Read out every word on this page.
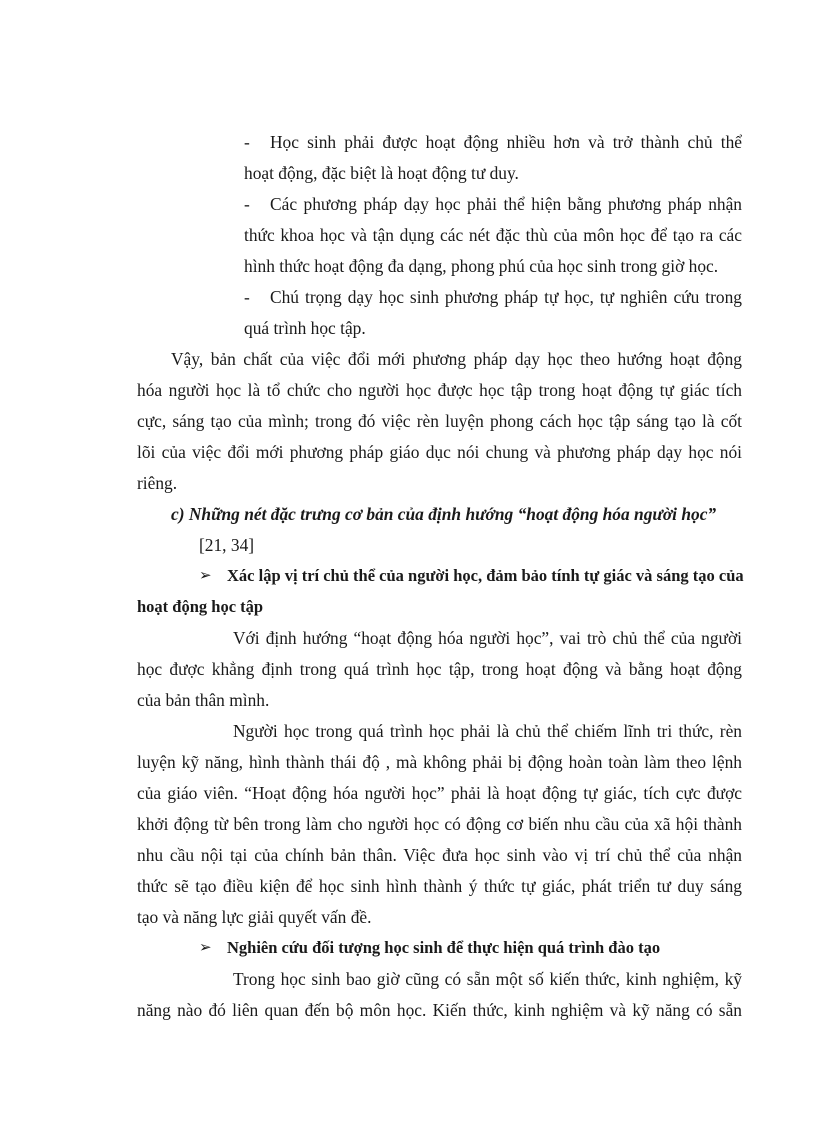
- Học sinh phải được hoạt động nhiều hơn và trở thành chủ thể
hoạt động, đặc biệt là hoạt động tư duy.
- Các phương pháp dạy học phải thể hiện bằng phương pháp nhận
thức khoa học và tận dụng các nét đặc thù của môn học để tạo ra các
hình thức hoạt động đa dạng, phong phú của học sinh trong giờ học.
- Chú trọng dạy học sinh phương pháp tự học, tự nghiên cứu trong
quá trình học tập.
Vậy, bản chất của việc đổi mới phương pháp dạy học theo hướng hoạt động
hóa người học là tổ chức cho người học được học tập trong hoạt động tự giác tích
cực, sáng tạo của mình; trong đó việc rèn luyện phong cách học tập sáng tạo là cốt
lõi của việc đổi mới phương pháp giáo dục nói chung và phương pháp dạy học nói
riêng.
c) Những nét đặc trưng cơ bản của định hướng “hoạt động hóa người học”
[21, 34]
➢ Xác lập vị trí chủ thể của người học, đảm bảo tính tự giác và sáng tạo của
hoạt động học tập
Với định hướng “hoạt động hóa người học”, vai trò chủ thể của người
học được khẳng định trong quá trình học tập, trong hoạt động và bằng hoạt động
của bản thân mình.
Người học trong quá trình học phải là chủ thể chiếm lĩnh tri thức, rèn
luyện kỹ năng, hình thành thái độ , mà không phải bị động hoàn toàn làm theo lệnh
của giáo viên. “Hoạt động hóa người học” phải là hoạt động tự giác, tích cực được
khởi động từ bên trong làm cho người học có động cơ biến nhu cầu của xã hội thành
nhu cầu nội tại của chính bản thân. Việc đưa học sinh vào vị trí chủ thể của nhận
thức sẽ tạo điều kiện để học sinh hình thành ý thức tự giác, phát triển tư duy sáng
tạo và năng lực giải quyết vấn đề.
➢ Nghiên cứu đối tượng học sinh để thực hiện quá trình đào tạo
Trong học sinh bao giờ cũng có sẵn một số kiến thức, kinh nghiệm, kỹ
năng nào đó liên quan đến bộ môn học. Kiến thức, kinh nghiệm và kỹ năng có sẵn
